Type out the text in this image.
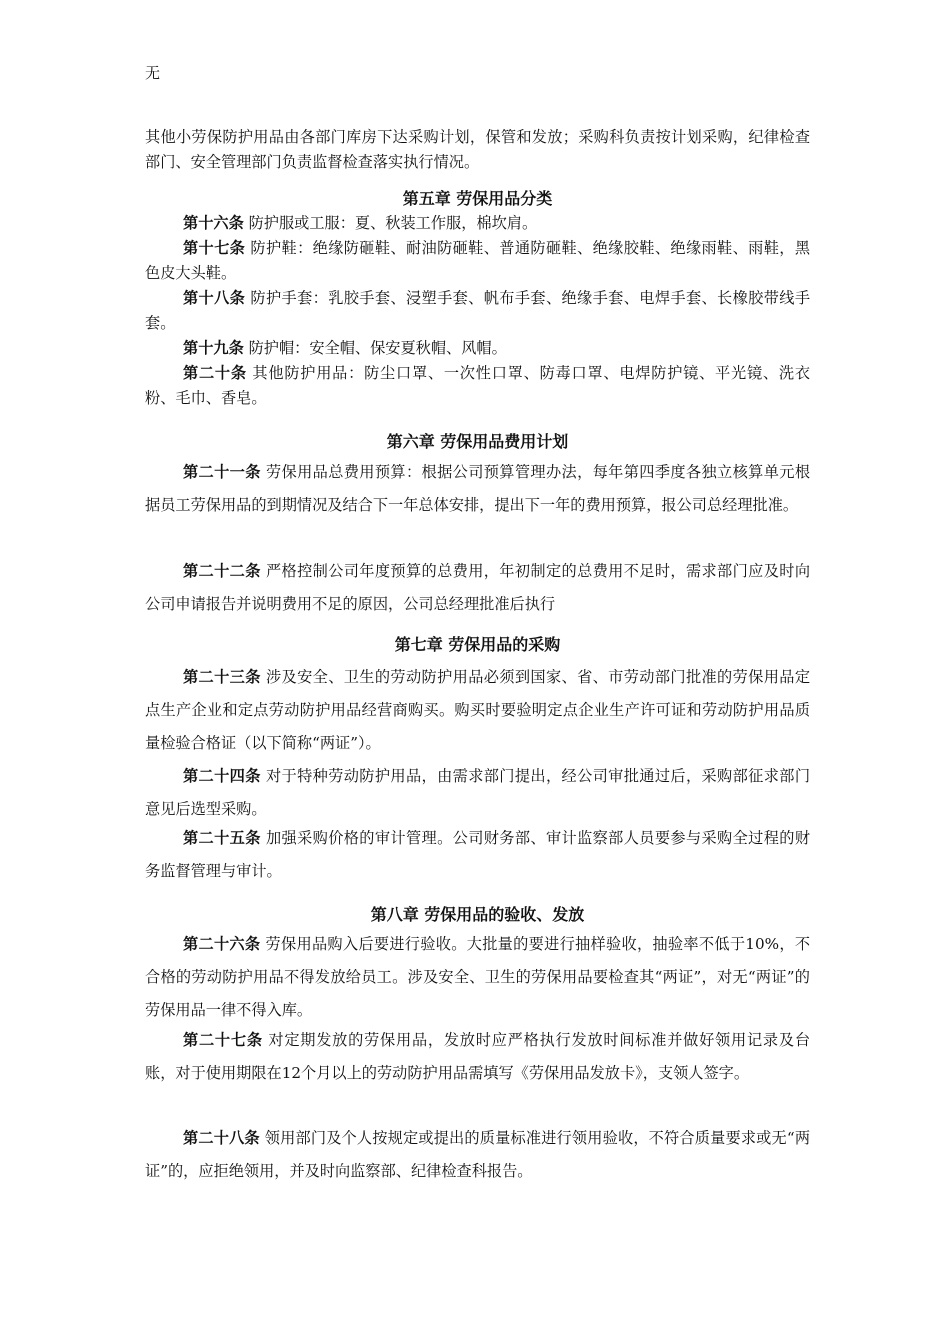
无

其他小劳保防护用品由各部门库房下达采购计划，保管和发放；采购科负责按计划采购，纪律检查部门、安全管理部门负责监督检查落实执行情况。

第五章 劳保用品分类

第十六条 防护服或工服：夏、秋装工作服，棉坎肩。

第十七条 防护鞋：绝缘防砸鞋、耐油防砸鞋、普通防砸鞋、绝缘胶鞋、绝缘雨鞋、雨鞋，黑色皮大头鞋。

第十八条 防护手套：乳胶手套、浸塑手套、帆布手套、绝缘手套、电焊手套、长橡胶带线手套。

第十九条 防护帽：安全帽、保安夏秋帽、风帽。

第二十条 其他防护用品：防尘口罩、一次性口罩、防毒口罩、电焊防护镜、平光镜、洗衣粉、毛巾、香皂。

第六章 劳保用品费用计划

第二十一条 劳保用品总费用预算：根据公司预算管理办法，每年第四季度各独立核算单元根据员工劳保用品的到期情况及结合下一年总体安排，提出下一年的费用预算，报公司总经理批准。

第二十二条 严格控制公司年度预算的总费用，年初制定的总费用不足时，需求部门应及时向公司申请报告并说明费用不足的原因，公司总经理批准后执行

第七章 劳保用品的采购

第二十三条 涉及安全、卫生的劳动防护用品必须到国家、省、市劳动部门批准的劳保用品定点生产企业和定点劳动防护用品经营商购买。购买时要验明定点企业生产许可证和劳动防护用品质量检验合格证（以下简称“两证”）。

第二十四条 对于特种劳动防护用品，由需求部门提出，经公司审批通过后，采购部征求部门意见后选型采购。

第二十五条 加强采购价格的审计管理。公司财务部、审计监察部人员要参与采购全过程的财务监督管理与审计。

第八章 劳保用品的验收、发放

第二十六条 劳保用品购入后要进行验收。大批量的要进行抽样验收，抽验率不低于10%，不合格的劳动防护用品不得发放给员工。涉及安全、卫生的劳保用品要检查其“两证”，对无“两证”的劳保用品一律不得入库。

第二十七条 对定期发放的劳保用品，发放时应严格执行发放时间标准并做好领用记录及台账，对于使用期限在12个月以上的劳动防护用品需填写《劳保用品发放卡》，支领人签字。

第二十八条 领用部门及个人按规定或提出的质量标准进行领用验收，不符合质量要求或无“两证”的，应拒绝领用，并及时向监察部、纪律检查科报告。
